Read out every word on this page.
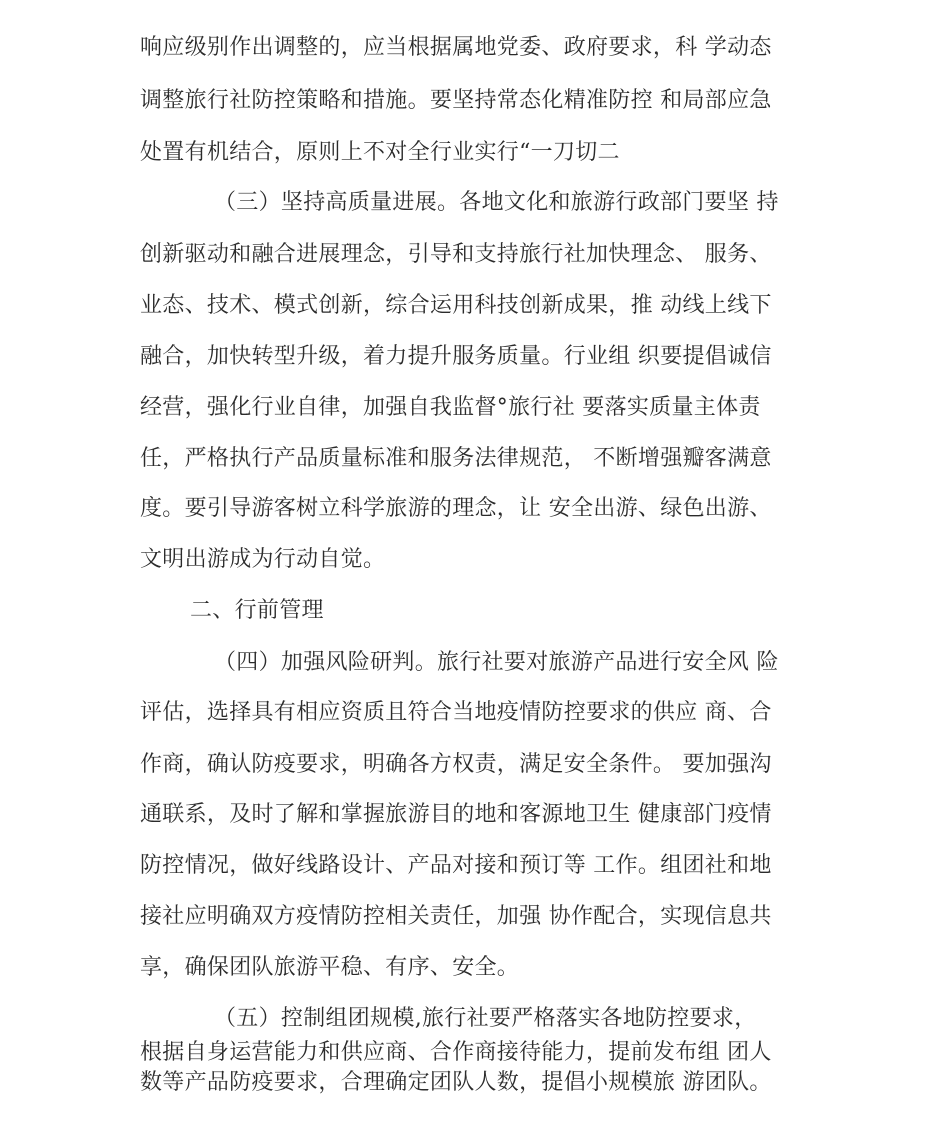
响应级别作出调整的，应当根据属地党委、政府要求，科 学动态
调整旅行社防控策略和措施。要坚持常态化精准防控 和局部应急
处置有机结合，原则上不对全行业实行“一刀切二
（三）坚持高质量进展。各地文化和旅游行政部门要坚 持
创新驱动和融合进展理念，引导和支持旅行社加快理念、 服务、
业态、技术、模式创新，综合运用科技创新成果，推 动线上线下
融合，加快转型升级，着力提升服务质量。行业组 织要提倡诚信
经营，强化行业自律，加强自我监督°旅行社 要落实质量主体责
任，严格执行产品质量标准和服务法律规范， 不断增强瓣客满意
度。要引导游客树立科学旅游的理念，让 安全出游、绿色出游、
文明出游成为行动自觉。
二、行前管理
（四）加强风险研判。旅行社要对旅游产品进行安全风 险
评估，选择具有相应资质且符合当地疫情防控要求的供应 商、合
作商，确认防疫要求，明确各方权责，满足安全条件。 要加强沟
通联系，及时了解和掌握旅游目的地和客源地卫生 健康部门疫情
防控情况，做好线路设计、产品对接和预订等 工作。组团社和地
接社应明确双方疫情防控相关责任，加强 协作配合，实现信息共
享，确保团队旅游平稳、有序、安全。
（五）控制组团规模,旅行社要严格落实各地防控要求，
根据自身运营能力和供应商、合作商接待能力，提前发布组 团人
数等产品防疫要求，合理确定团队人数，提倡小规模旅 游团队。
